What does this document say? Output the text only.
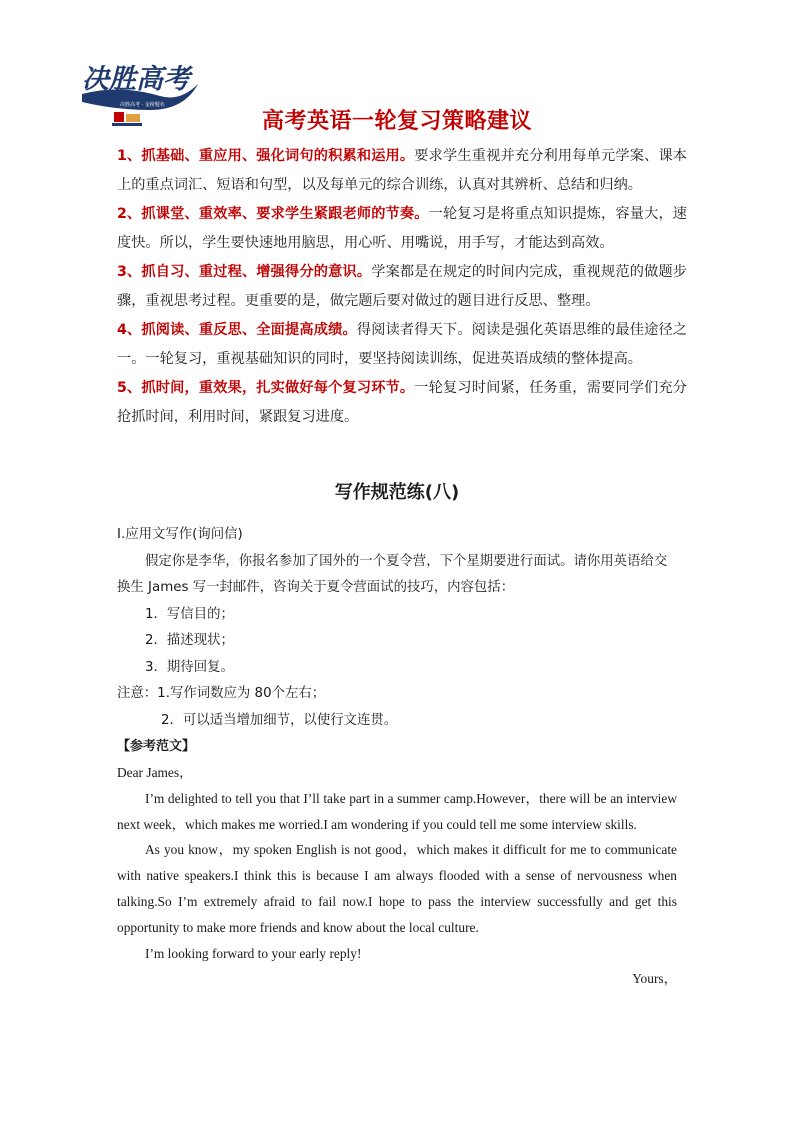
决胜高考
决胜高考 · 金榜题名
高考英语一轮复习策略建议

1、抓基础、重应用、强化词句的积累和运用。要求学生重视并充分利用每单元学案、课本上的重点词汇、短语和句型，以及每单元的综合训练，认真对其辨析、总结和归纳。

2、抓课堂、重效率、要求学生紧跟老师的节奏。一轮复习是将重点知识提炼，容量大，速度快。所以，学生要快速地用脑思，用心听、用嘴说，用手写，才能达到高效。

3、抓自习、重过程、增强得分的意识。学案都是在规定的时间内完成，重视规范的做题步骤，重视思考过程。更重要的是，做完题后要对做过的题目进行反思、整理。

4、抓阅读、重反思、全面提高成绩。得阅读者得天下。阅读是强化英语思维的最佳途径之一。一轮复习，重视基础知识的同时，要坚持阅读训练，促进英语成绩的整体提高。

5、抓时间，重效果，扎实做好每个复习环节。一轮复习时间紧，任务重，需要同学们充分抢抓时间，利用时间，紧跟复习进度。

写作规范练(八)

Ⅰ.应用文写作(询问信)

假定你是李华，你报名参加了国外的一个夏令营，下个星期要进行面试。请你用英语给交换生 James 写一封邮件，咨询关于夏令营面试的技巧，内容包括：

1．写信目的；

2．描述现状；

3．期待回复。

注意：1.写作词数应为 80个左右；

2．可以适当增加细节，以使行文连贯。

【参考范文】

Dear James，

I’m delighted to tell you that I’ll take part in a summer camp.However，there will be an interview next week，which makes me worried.I am wondering if you could tell me some interview skills.

As you know，my spoken English is not good，which makes it difficult for me to communicate with native speakers.I think this is because I am always flooded with a sense of nervousness when talking.So I’m extremely afraid to fail now.I hope to pass the interview successfully and get this opportunity to make more friends and know about the local culture.

I’m looking forward to your early reply!

Yours，
